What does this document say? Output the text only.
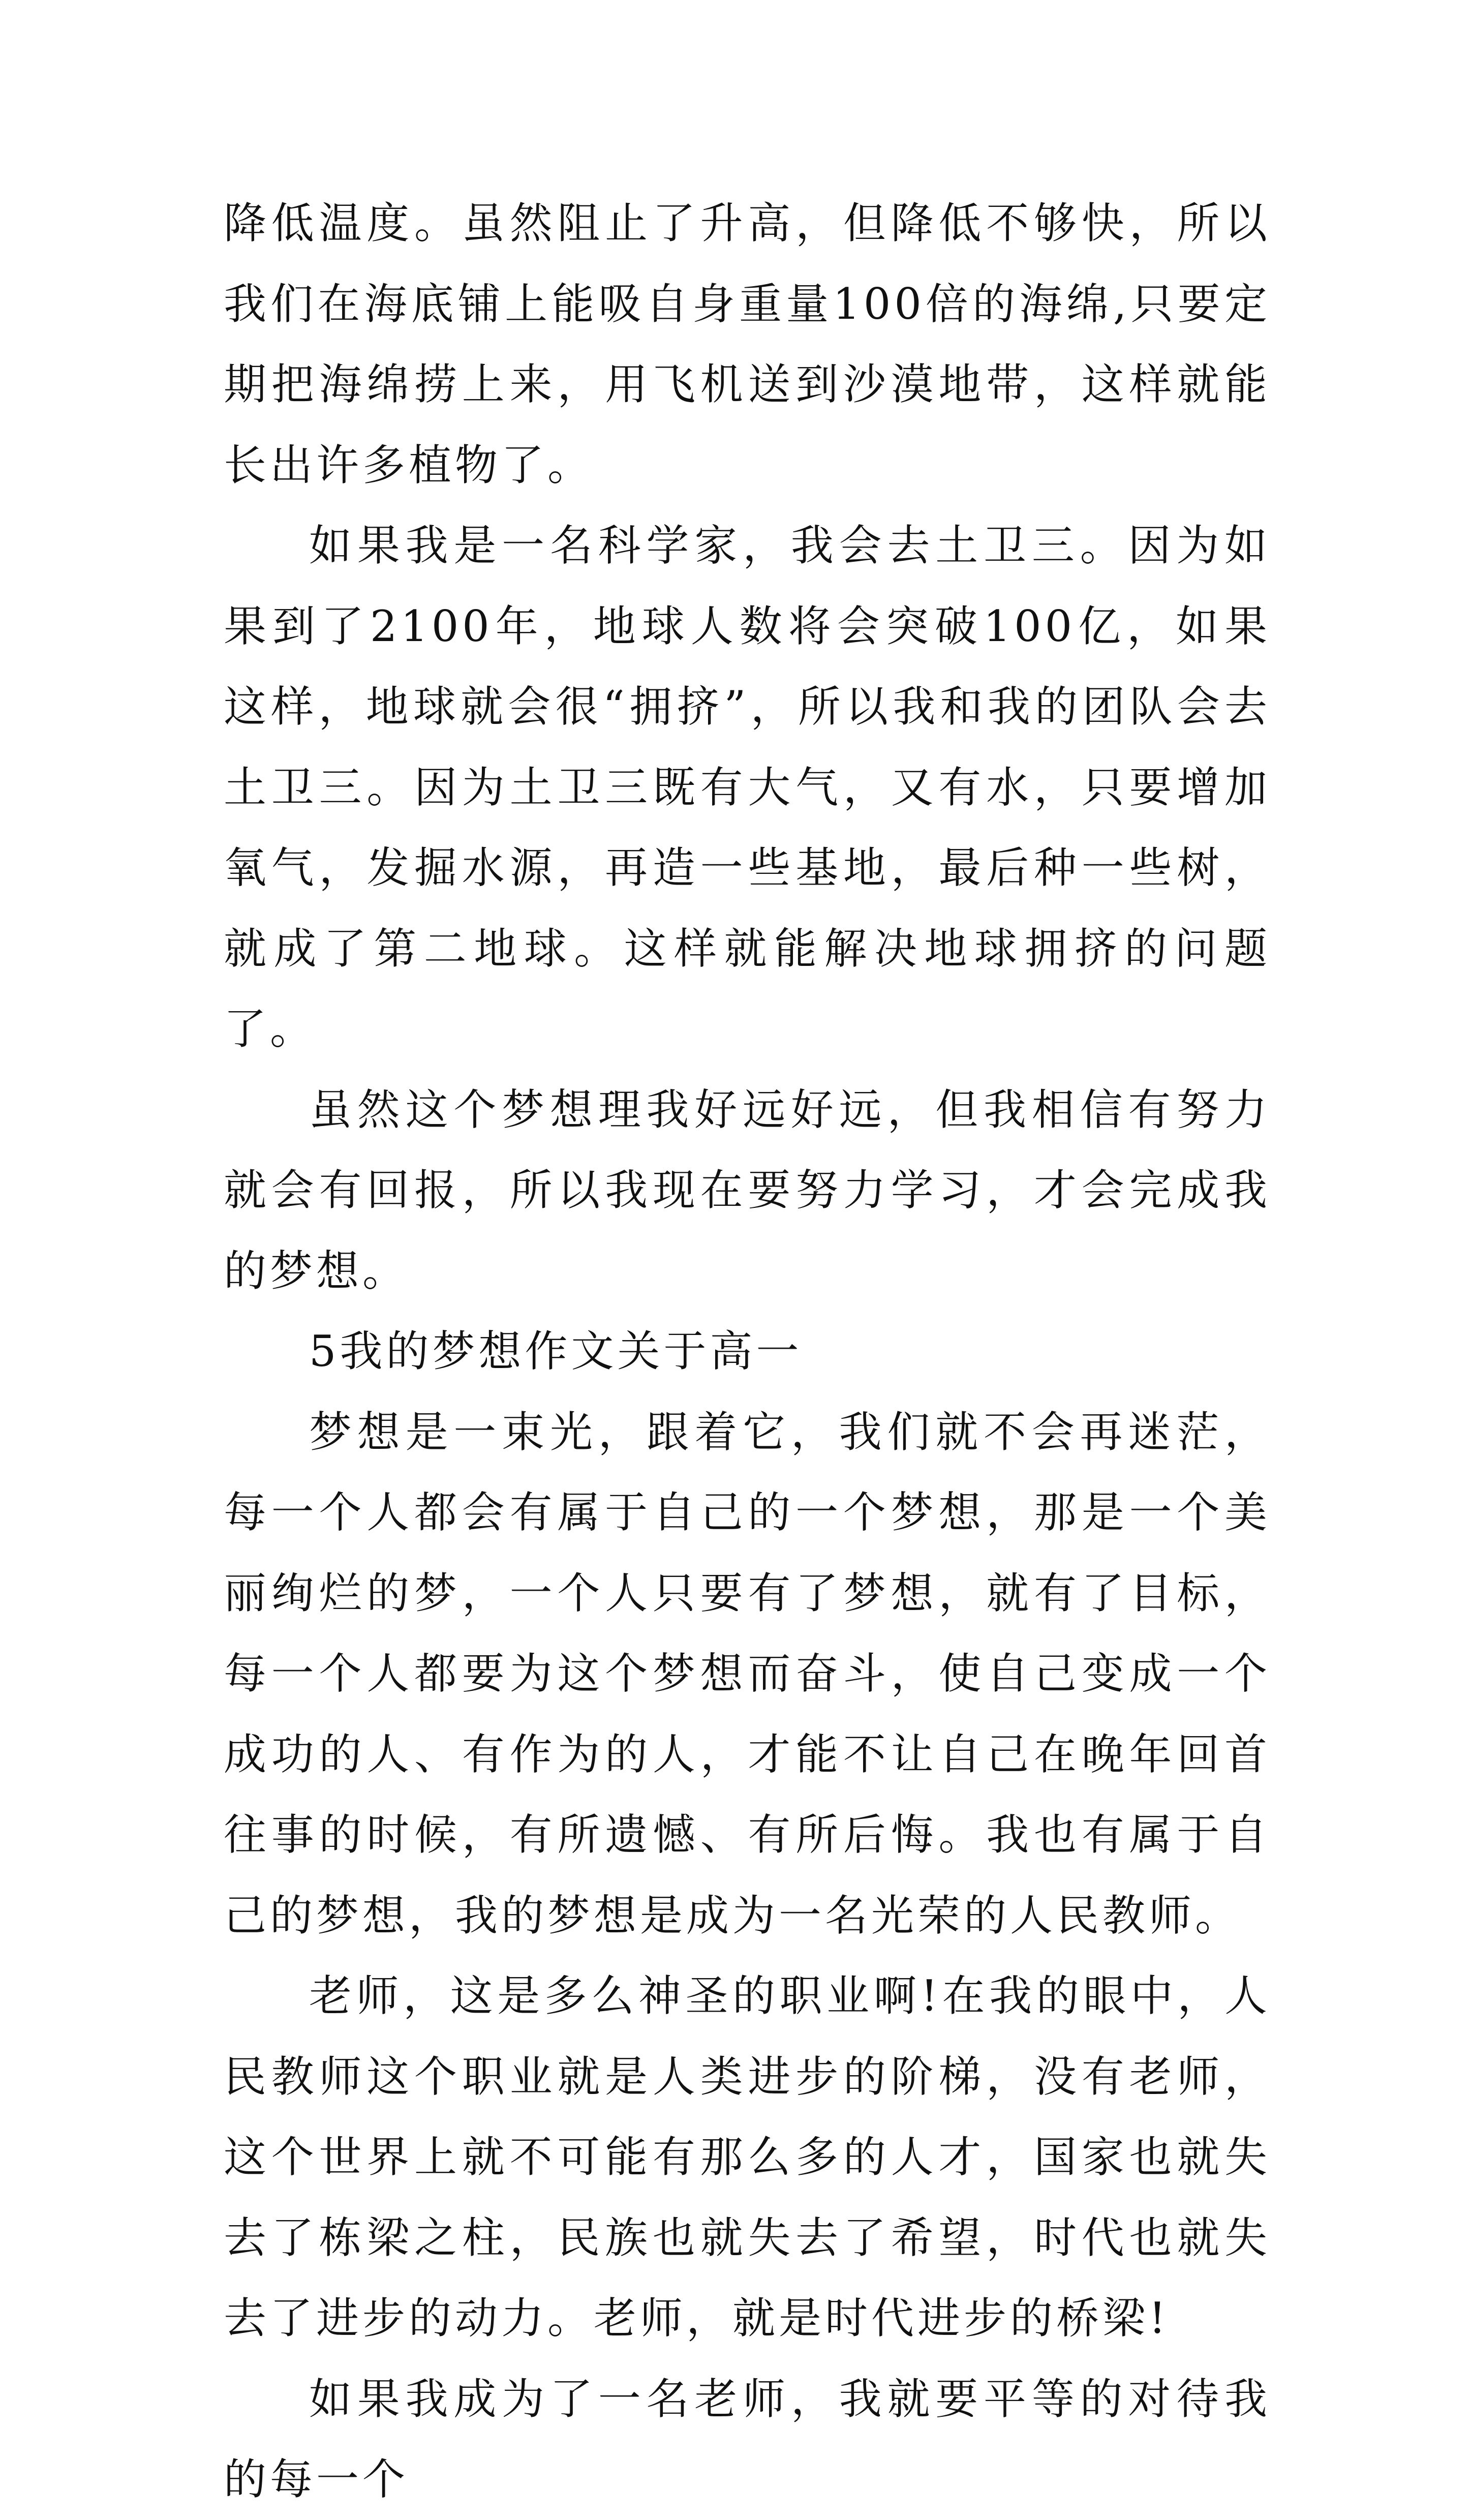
降低温度。虽然阻止了升高，但降低不够快，所以我们在海底铺上能吸自身重量100倍的海绵,只要定期把海绵捞上来，用飞机送到沙漠地带，这样就能长出许多植物了。

如果我是一名科学家，我会去土卫三。因为如果到了2100年，地球人数将会突破100亿，如果这样，地球就会很“拥挤”，所以我和我的团队会去土卫三。因为土卫三既有大气，又有水，只要增加氧气，发掘水源，再造一些基地，最后种一些树，就成了第二地球。这样就能解决地球拥挤的问题了。

虽然这个梦想理我好远好远，但我相信有努力就会有回报，所以我现在要努力学习，才会完成我的梦想。

5我的梦想作文关于高一

梦想是一束光，跟着它，我们就不会再迷茫，每一个人都会有属于自己的一个梦想，那是一个美丽绚烂的梦，一个人只要有了梦想，就有了目标，每一个人都要为这个梦想而奋斗，使自己变成一个成功的人、有作为的人，才能不让自己在晚年回首往事的时候，有所遗憾、有所后悔。我也有属于自己的梦想，我的梦想是成为一名光荣的人民教师。

老师，这是多么神圣的职业啊!在我的眼中，人民教师这个职业就是人类进步的阶梯，没有老师，这个世界上就不可能有那么多的人才，国家也就失去了栋梁之柱，民族也就失去了希望，时代也就失去了进步的动力。老师，就是时代进步的桥梁!

如果我成为了一名老师，我就要平等的对待我的每一个
